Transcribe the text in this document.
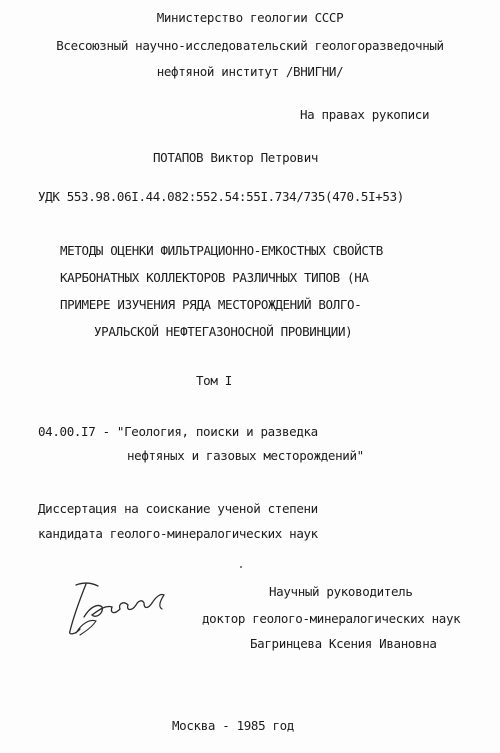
Министерство геологии СССР
Всесоюзный научно-исследовательский геологоразведочный
нефтяной институт /ВНИГНИ/
На правах рукописи
ПОТАПОВ Виктор Петрович
УДК 553.98.06I.44.082:552.54:55I.734/735(470.5I+53)
МЕТОДЫ ОЦЕНКИ ФИЛЬТРАЦИОННО-ЕМКОСТНЫХ СВОЙСТВ
КАРБОНАТНЫХ КОЛЛЕКТОРОВ РАЗЛИЧНЫХ ТИПОВ (НА
ПРИМЕРЕ ИЗУЧЕНИЯ РЯДА МЕСТОРОЖДЕНИЙ ВОЛГО-
УРАЛЬСКОЙ НЕФТЕГАЗОНОСНОЙ ПРОВИНЦИИ)
Том I
04.00.I7 - "Геология, поиски и разведка
нефтяных и газовых месторождений"
Диссертация на соискание ученой степени
кандидата геолого-минералогических наук
Научный руководитель
доктор геолого-минералогических наук
Багринцева Ксения Ивановна
Москва - 1985 год
